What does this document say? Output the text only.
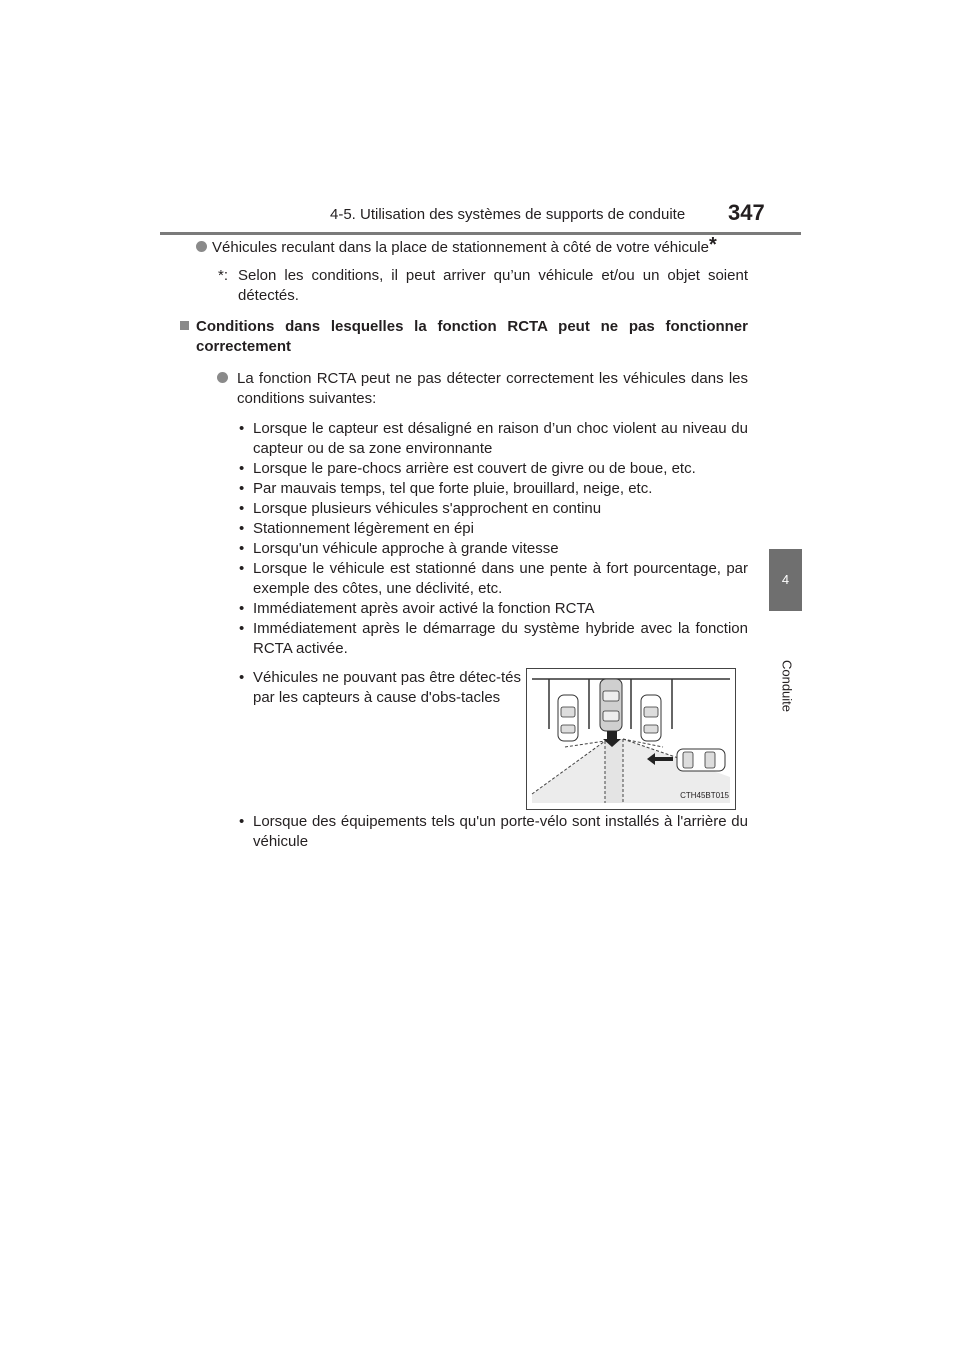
4-5. Utilisation des systèmes de supports de conduite 347
4
Conduite
Véhicules reculant dans la place de stationnement à côté de votre véhicule*
*: Selon les conditions, il peut arriver qu’un véhicule et/ou un objet soient détectés.
Conditions dans lesquelles la fonction RCTA peut ne pas fonctionner correctement
La fonction RCTA peut ne pas détecter correctement les véhicules dans les conditions suivantes:
• Lorsque le capteur est désaligné en raison d’un choc violent au niveau du capteur ou de sa zone environnante
• Lorsque le pare-chocs arrière est couvert de givre ou de boue, etc.
• Par mauvais temps, tel que forte pluie, brouillard, neige, etc.
• Lorsque plusieurs véhicules s'approchent en continu
• Stationnement légèrement en épi
• Lorsqu'un véhicule approche à grande vitesse
• Lorsque le véhicule est stationné dans une pente à fort pourcentage, par exemple des côtes, une déclivité, etc.
• Immédiatement après avoir activé la fonction RCTA
• Immédiatement après le démarrage du système hybride avec la fonction RCTA activée.
• Véhicules ne pouvant pas être détec-tés par les capteurs à cause d'obs-tacles
CTH45BT015
• Lorsque des équipements tels qu'un porte-vélo sont installés à l'arrière du véhicule
